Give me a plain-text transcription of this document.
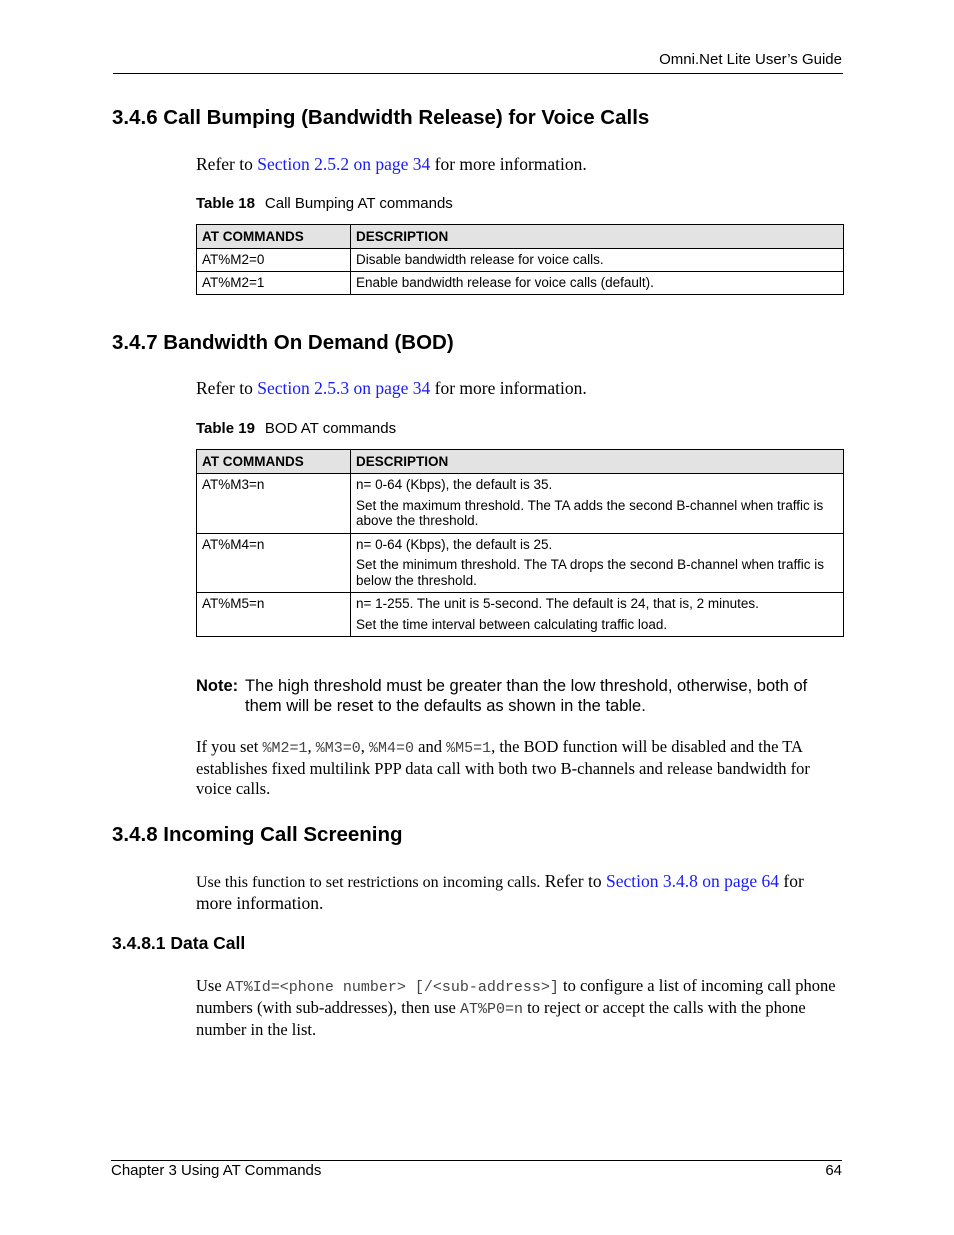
Omni.Net Lite User’s Guide
3.4.6 Call Bumping (Bandwidth Release) for Voice Calls
Refer to Section 2.5.2 on page 34 for more information.
Table 18 Call Bumping AT commands
AT COMMANDS	DESCRIPTION
AT%M2=0	Disable bandwidth release for voice calls.
AT%M2=1	Enable bandwidth release for voice calls (default).
3.4.7 Bandwidth On Demand (BOD)
Refer to Section 2.5.3 on page 34 for more information.
Table 19 BOD AT commands
AT COMMANDS	DESCRIPTION
AT%M3=n	n= 0-64 (Kbps), the default is 35.

Set the maximum threshold. The TA adds the second B-channel when traffic is above the threshold.

AT%M4=n	n= 0-64 (Kbps), the default is 25.

Set the minimum threshold. The TA drops the second B-channel when traffic is below the threshold.

AT%M5=n	n= 1-255. The unit is 5-second. The default is 24, that is, 2 minutes.

Set the time interval between calculating traffic load.

Note: The high threshold must be greater than the low threshold, otherwise, both of them will be reset to the defaults as shown in the table.
If you set %M2=1, %M3=0, %M4=0 and %M5=1, the BOD function will be disabled and the TA establishes fixed multilink PPP data call with both two B-channels and release bandwidth for voice calls.
3.4.8 Incoming Call Screening
Use this function to set restrictions on incoming calls. Refer to Section 3.4.8 on page 64 for more information.
3.4.8.1 Data Call
Use AT%Id=<phone number> [/<sub-address>] to configure a list of incoming call phone numbers (with sub-addresses), then use AT%P0=n to reject or accept the calls with the phone number in the list.
Chapter 3 Using AT Commands	64
